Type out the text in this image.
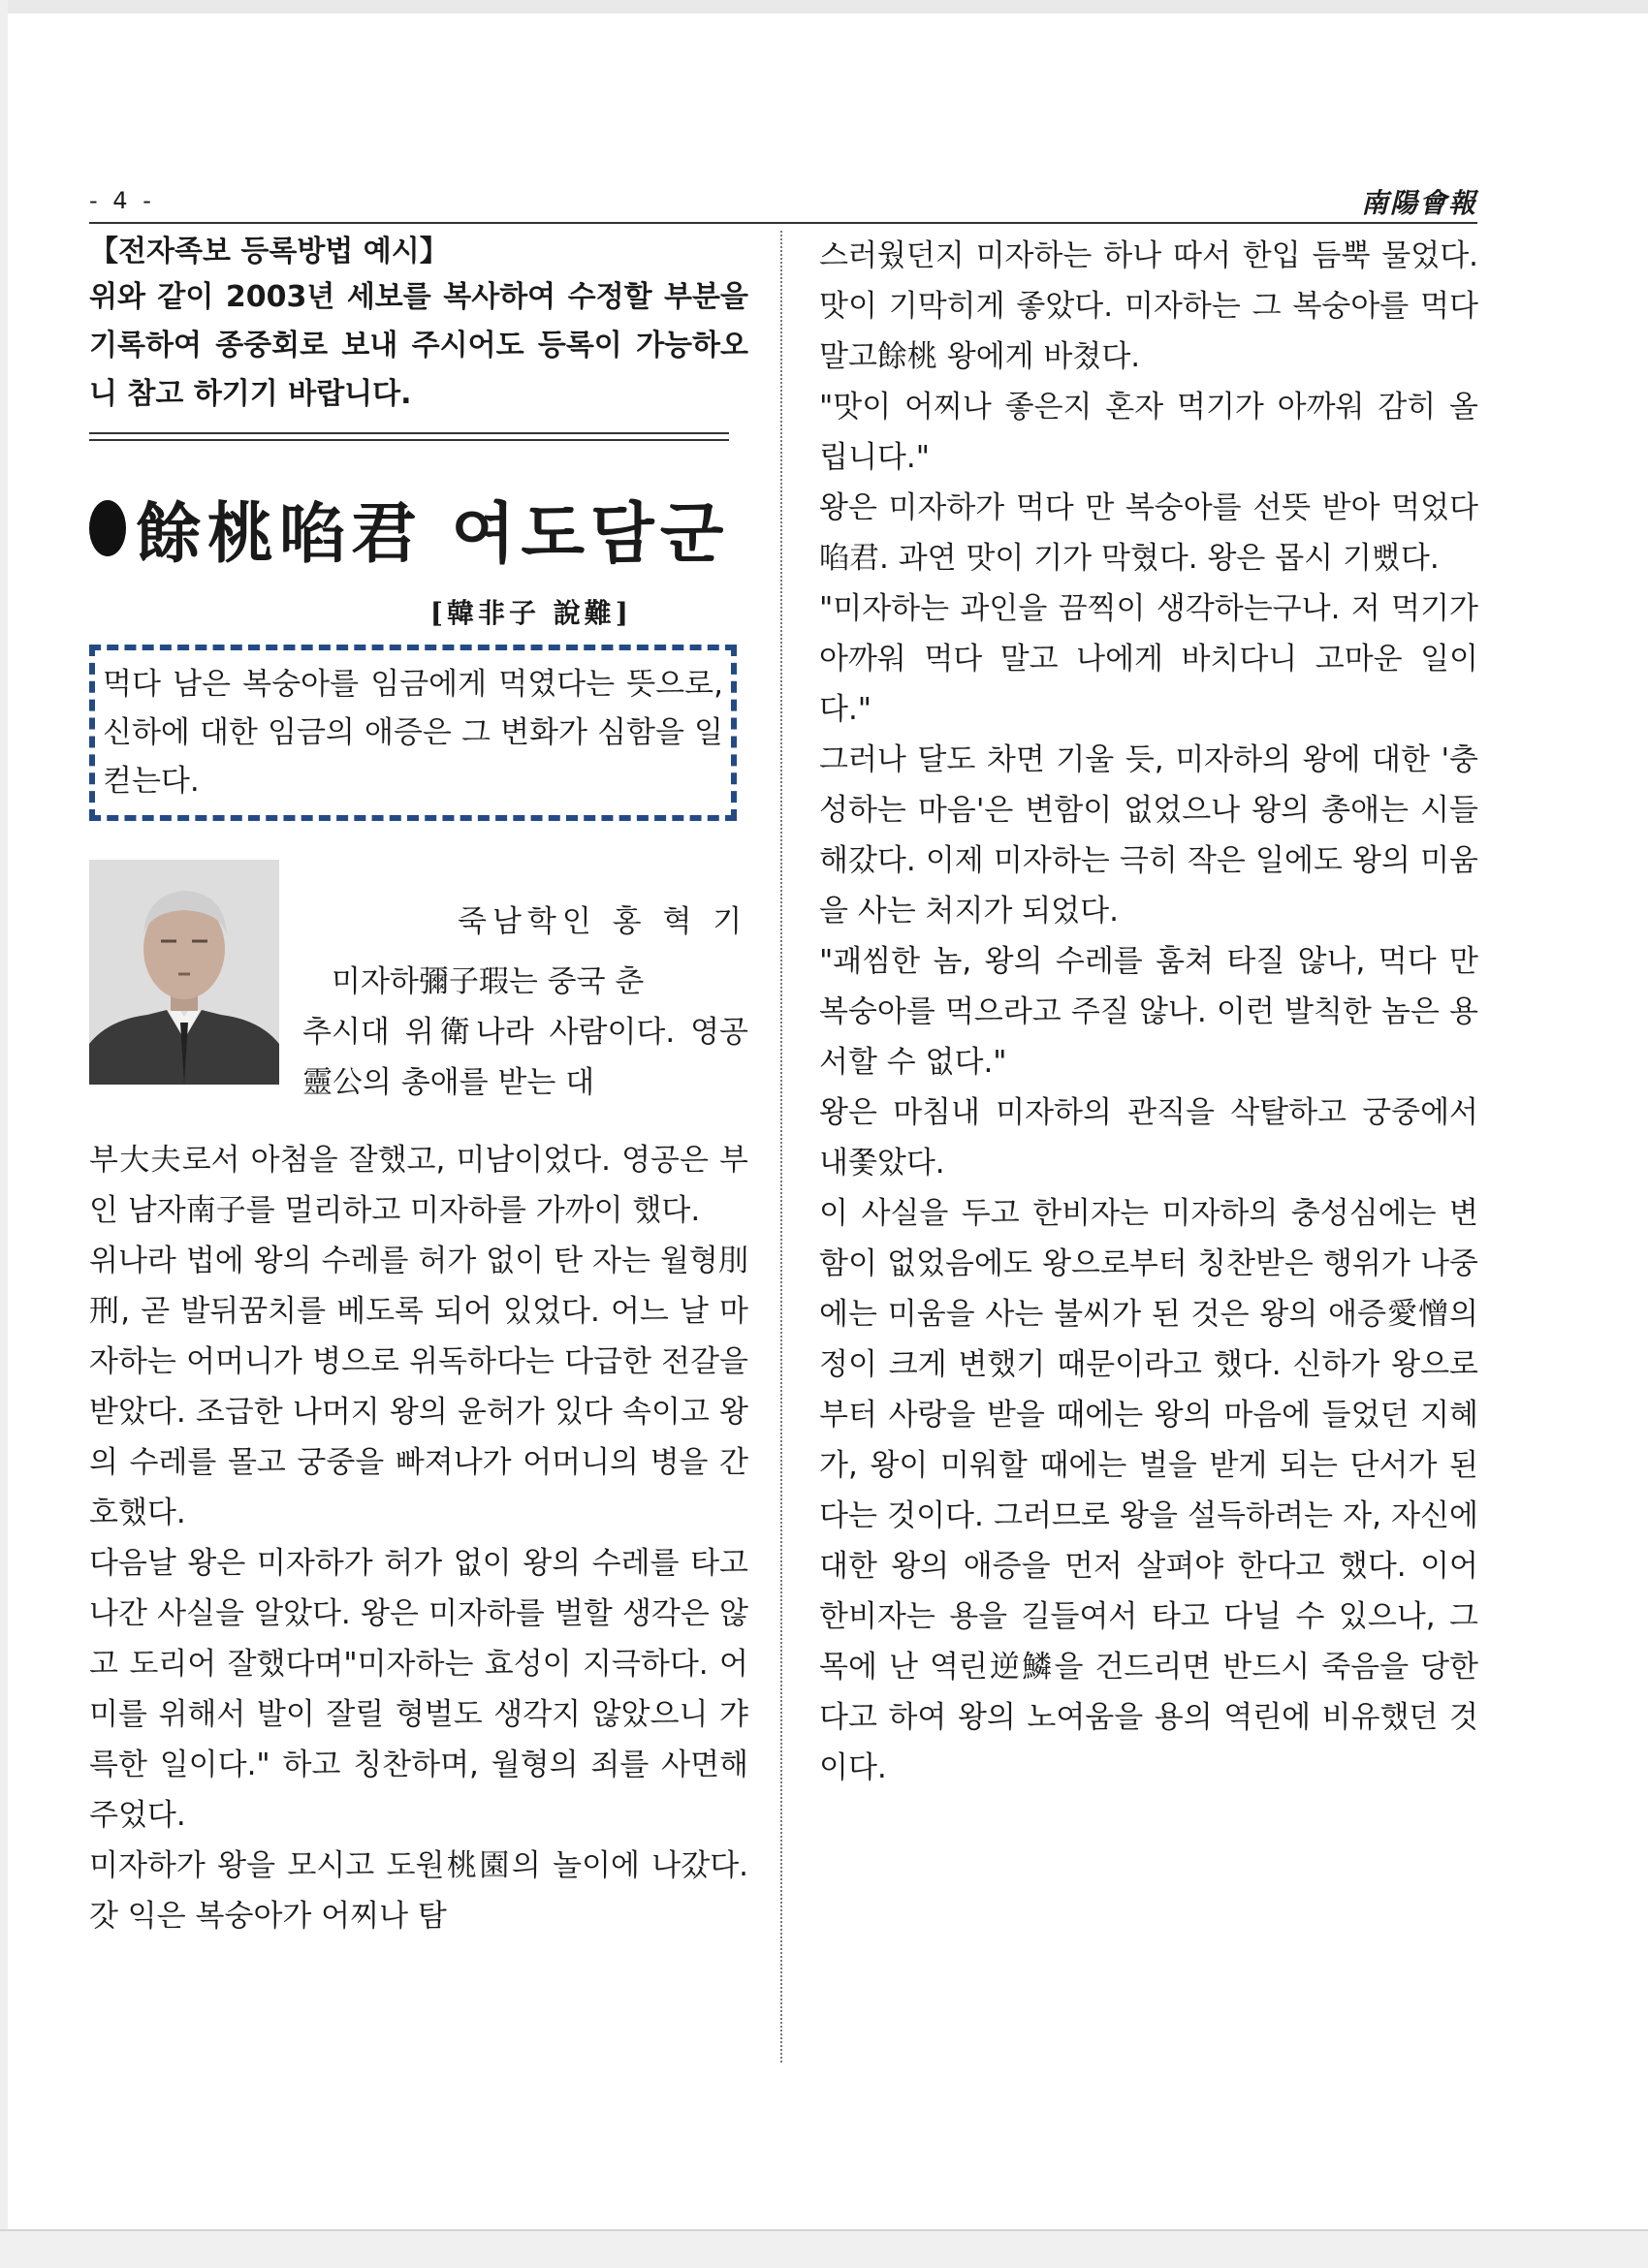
- 4 -	南陽會報

【전자족보 등록방법 예시】

위와 같이 2003년 세보를 복사하여 수정할 부분을 기록하여 종중회로 보내 주시어도 등록이 가능하오니 참고 하기기 바랍니다.

餘桃啗君 여도담군
[韓非子 說難]

먹다 남은 복숭아를 임금에게 먹였다는 뜻으로, 신하에 대한 임금의 애증은 그 변화가 심함을 일컫는다.

죽남학인 홍 혁 기
미자하彌子瑕는 중국 춘

추시대 위衛나라 사람이다. 영공靈公의 총애를 받는 대

부大夫로서 아첨을 잘했고, 미남이었다. 영공은 부인 남자南子를 멀리하고 미자하를 가까이 했다.

위나라 법에 왕의 수레를 허가 없이 탄 자는 월형刖刑, 곧 발뒤꿈치를 베도록 되어 있었다. 어느 날 마자하는 어머니가 병으로 위독하다는 다급한 전갈을 받았다. 조급한 나머지 왕의 윤허가 있다 속이고 왕의 수레를 몰고 궁중을 빠져나가 어머니의 병을 간호했다.

다음날 왕은 미자하가 허가 없이 왕의 수레를 타고 나간 사실을 알았다. 왕은 미자하를 벌할 생각은 않고 도리어 잘했다며"미자하는 효성이 지극하다. 어미를 위해서 발이 잘릴 형벌도 생각지 않았으니 갸륵한 일이다." 하고 칭찬하며, 월형의 죄를 사면해 주었다.

미자하가 왕을 모시고 도원桃園의 놀이에 나갔다. 갓 익은 복숭아가 어찌나 탐

스러웠던지 미자하는 하나 따서 한입 듬뿍 물었다. 맛이 기막히게 좋았다. 미자하는 그 복숭아를 먹다 말고餘桃 왕에게 바쳤다.

"맛이 어찌나 좋은지 혼자 먹기가 아까워 감히 올립니다."

왕은 미자하가 먹다 만 복숭아를 선뜻 받아 먹었다啗君. 과연 맛이 기가 막혔다. 왕은 몹시 기뻤다.

"미자하는 과인을 끔찍이 생각하는구나. 저 먹기가 아까워 먹다 말고 나에게 바치다니 고마운 일이다."

그러나 달도 차면 기울 듯, 미자하의 왕에 대한 '충성하는 마음'은 변함이 없었으나 왕의 총애는 시들해갔다. 이제 미자하는 극히 작은 일에도 왕의 미움을 사는 처지가 되었다.

"괘씸한 놈, 왕의 수레를 훔쳐 타질 않나, 먹다 만 복숭아를 먹으라고 주질 않나. 이런 발칙한 놈은 용서할 수 없다."

왕은 마침내 미자하의 관직을 삭탈하고 궁중에서 내쫓았다.

이 사실을 두고 한비자는 미자하의 충성심에는 변함이 없었음에도 왕으로부터 칭찬받은 행위가 나중에는 미움을 사는 불씨가 된 것은 왕의 애증愛憎의 정이 크게 변했기 때문이라고 했다. 신하가 왕으로부터 사랑을 받을 때에는 왕의 마음에 들었던 지혜가, 왕이 미워할 때에는 벌을 받게 되는 단서가 된다는 것이다. 그러므로 왕을 설득하려는 자, 자신에 대한 왕의 애증을 먼저 살펴야 한다고 했다. 이어 한비자는 용을 길들여서 타고 다닐 수 있으나, 그 목에 난 역린逆鱗을 건드리면 반드시 죽음을 당한다고 하여 왕의 노여움을 용의 역린에 비유했던 것이다.
